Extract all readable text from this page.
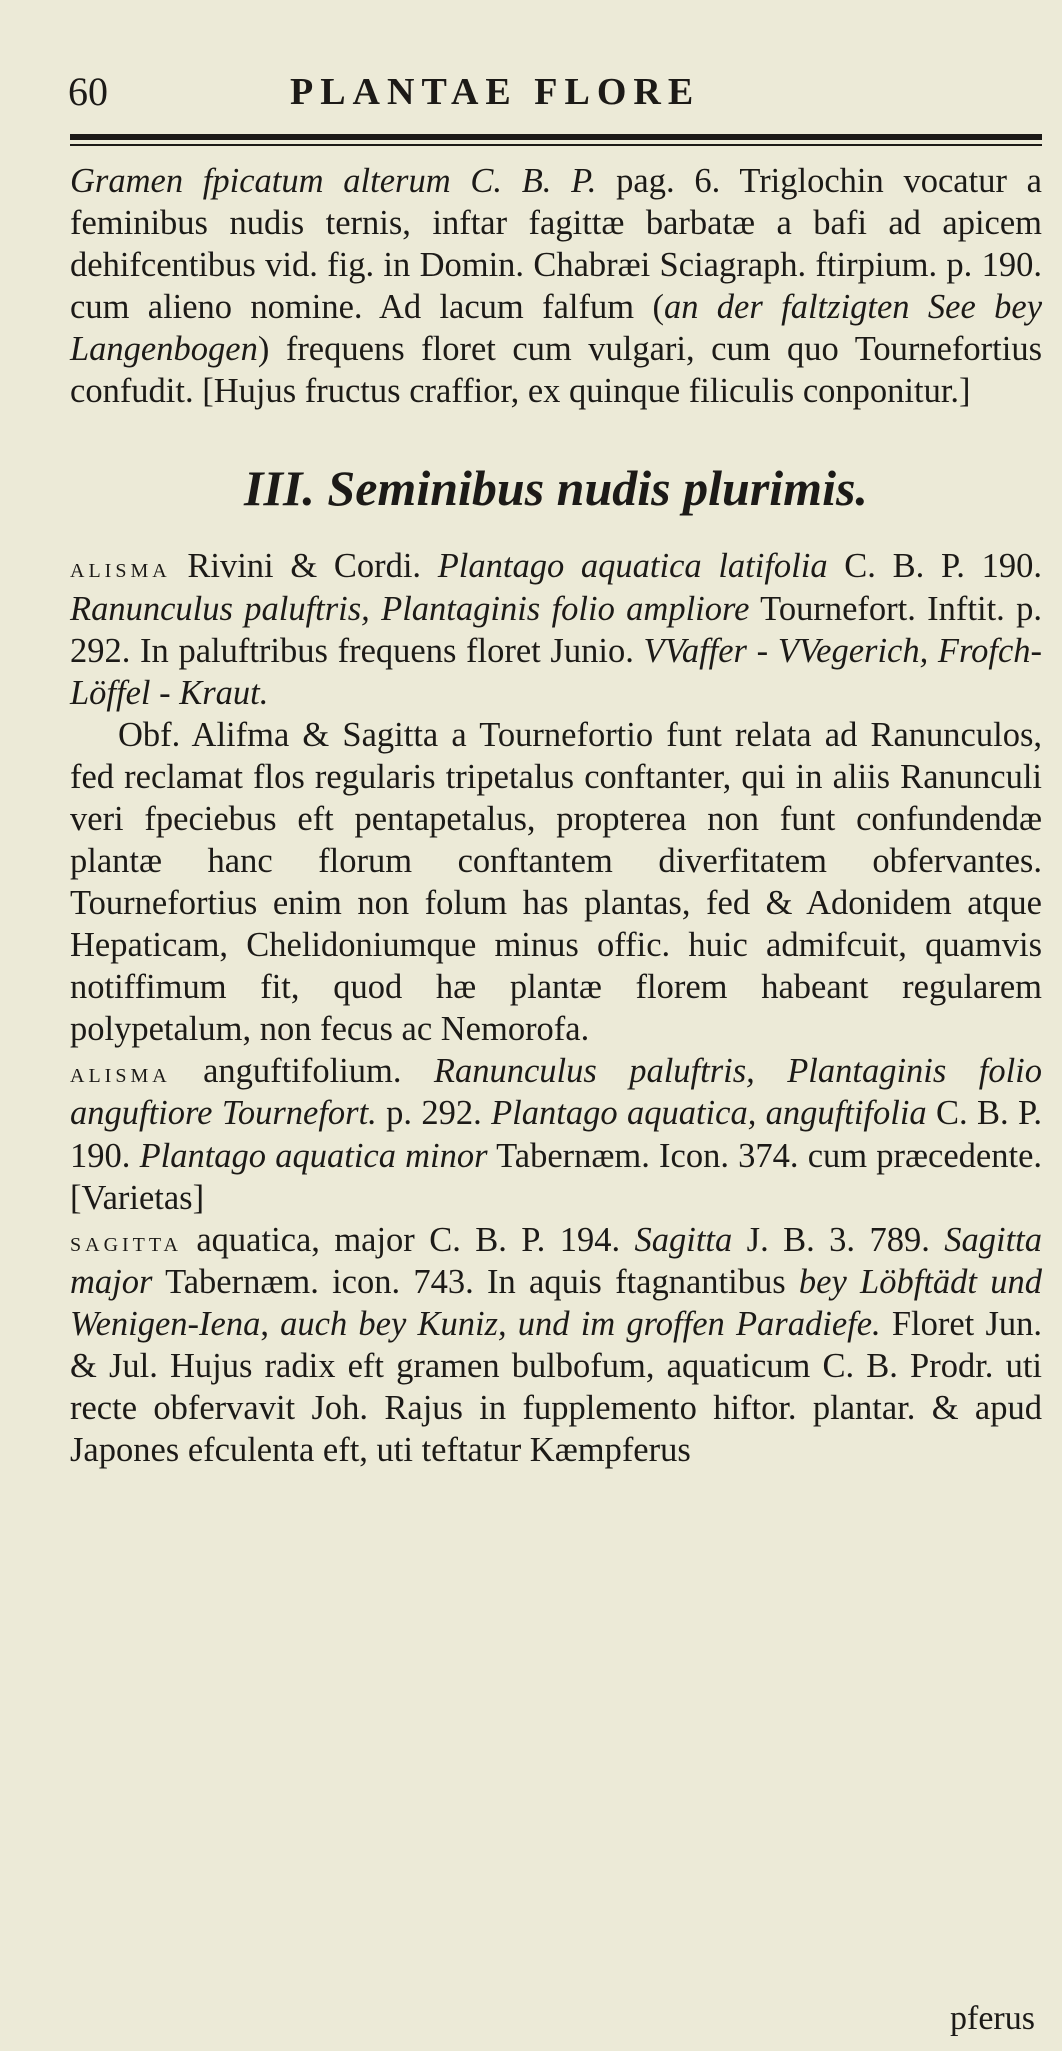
60	PLANTAE FLORE

Gramen fpicatum alterum C. B. P. pag. 6. Triglochin vocatur a feminibus nudis ternis, inftar fagittæ barbatæ a bafi ad apicem dehifcentibus vid. fig. in Domin. Chabræi Sciagraph. ftirpium. p. 190. cum alieno nomine. Ad lacum falfum (an der faltzigten See bey Langenbogen) frequens floret cum vulgari, cum quo Tournefortius confudit. [Hujus fructus craffior, ex quinque filiculis conponitur.]

III. Seminibus nudis plurimis.

alisma Rivini & Cordi. Plantago aquatica latifolia C. B. P. 190. Ranunculus paluftris, Plantaginis folio ampliore Tournefort. Inftit. p. 292. In paluftribus frequens floret Junio. VVaffer - VVegerich, Frofch-Löffel - Kraut.

Obf. Alifma & Sagitta a Tournefortio funt relata ad Ranunculos, fed reclamat flos regularis tripetalus conftanter, qui in aliis Ranunculi veri fpeciebus eft pentapetalus, propterea non funt confundendæ plantæ hanc florum conftantem diverfitatem obfervantes. Tournefortius enim non folum has plantas, fed & Adonidem atque Hepaticam, Chelidoniumque minus offic. huic admifcuit, quamvis notiffimum fit, quod hæ plantæ florem habeant regularem polypetalum, non fecus ac Nemorofa.

alisma anguftifolium. Ranunculus paluftris, Plantaginis folio anguftiore Tournefort. p. 292. Plantago aquatica, anguftifolia C. B. P. 190. Plantago aquatica minor Tabernæm. Icon. 374. cum præcedente. [Varietas]

sagitta aquatica, major C. B. P. 194. Sagitta J. B. 3. 789. Sagitta major Tabernæm. icon. 743. In aquis ftagnantibus bey Löbftädt und Wenigen-Iena, auch bey Kuniz, und im groffen Paradiefe. Floret Jun. & Jul. Hujus radix eft gramen bulbofum, aquaticum C. B. Prodr. uti recte obfervavit Joh. Rajus in fupplemento hiftor. plantar. & apud Japones efculenta eft, uti teftatur Kæmpferus

pferus
